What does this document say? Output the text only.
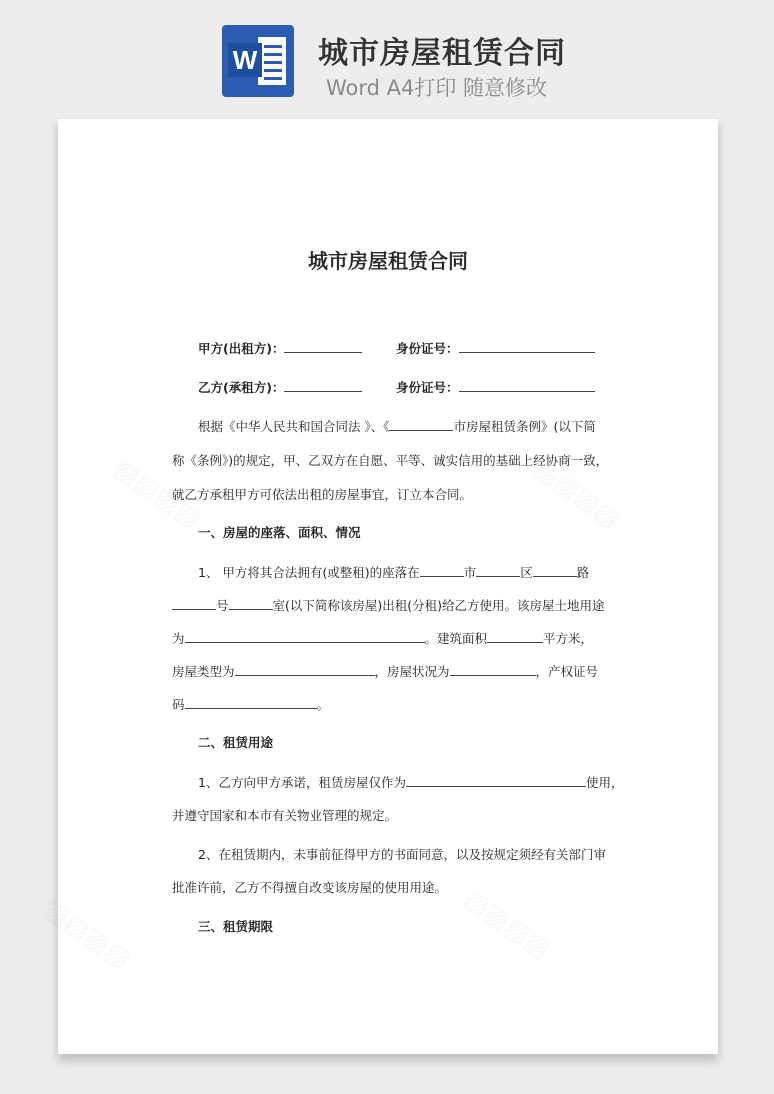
W 城市房屋租赁合同
Word A4打印 随意修改
▨▨▨▨	▨▨▨▨
▨▨▨▨	▨▨▨▨
城市房屋租赁合同
甲方(出租方)：	身份证号：
乙方(承租方)：	身份证号：
根据《中华人民共和国合同法 》、《	市房屋租赁条例》(以下简
称《条例》)的规定，甲、乙双方在自愿、平等、诚实信用的基础上经协商一致，
就乙方承租甲方可依法出租的房屋事宜，订立本合同。
一、房屋的座落、面积、情况
1、 甲方将其合法拥有(或整租)的座落在	市	区	路
号	室(以下简称该房屋)出租(分租)给乙方使用。该房屋土地用途
为	。建筑面积	平方米，
房屋类型为	，房屋状况为	，产权证号
码	。
二、租赁用途
1、乙方向甲方承诺，租赁房屋仅作为	使用，
并遵守国家和本市有关物业管理的规定。
2、在租赁期内，未事前征得甲方的书面同意，以及按规定须经有关部门审
批准许前，乙方不得擅自改变该房屋的使用用途。
三、租赁期限
